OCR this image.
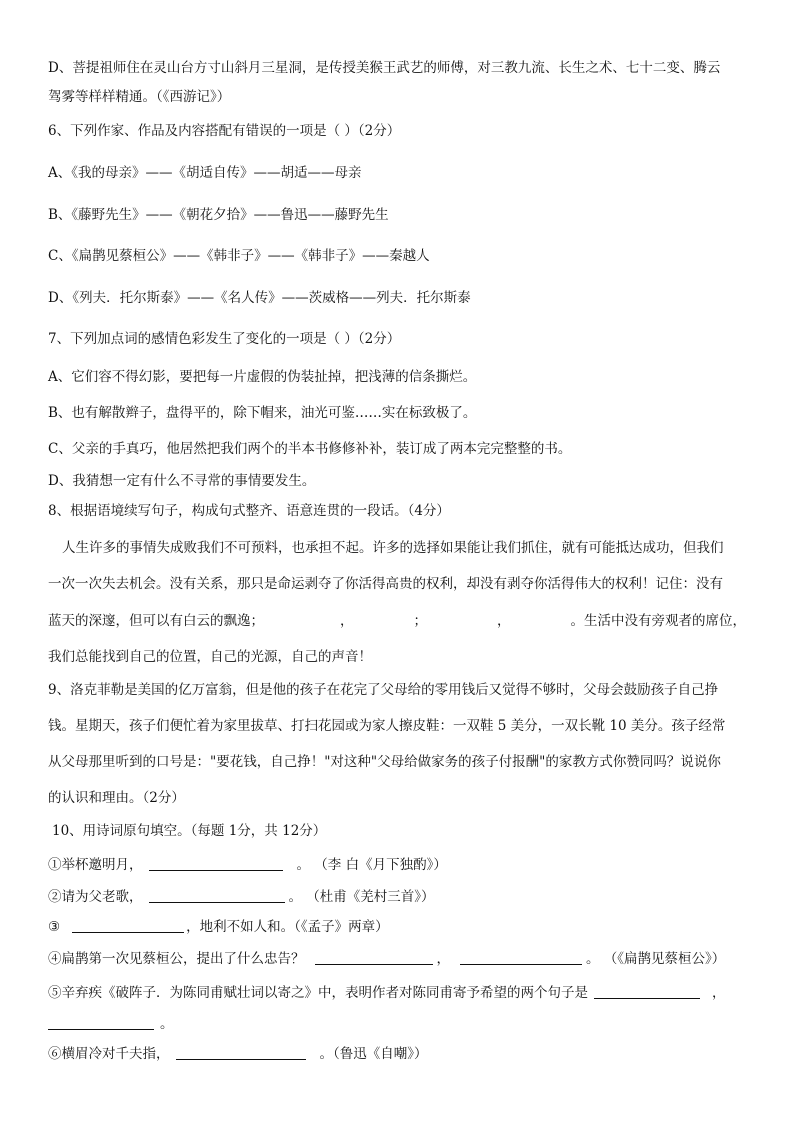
D、菩提祖师住在灵山台方寸山斜月三星洞，是传授美猴王武艺的师傅，对三教九流、长生之术、七十二变、腾云
驾雾等样样精通。（《西游记》）
6、下列作家、作品及内容搭配有错误的一项是（ ）（2分）
A、《我的母亲》——《胡适自传》——胡适——母亲
B、《藤野先生》——《朝花夕拾》——鲁迅——藤野先生
C、《扁鹊见蔡桓公》——《韩非子》——《韩非子》——秦越人
D、《列夫．托尔斯泰》——《名人传》——茨威格——列夫．托尔斯泰
7、下列加点词的感情色彩发生了变化的一项是（ ）（2分）
A、它们容不得幻影，要把每一片虚假的伪装扯掉，把浅薄的信条撕烂。
B、也有解散辫子，盘得平的，除下帽来，油光可鉴……实在标致极了。
C、父亲的手真巧，他居然把我们两个的半本书修修补补，装订成了两本完完整整的书。
D、我猜想一定有什么不寻常的事情要发生。
8、根据语境续写句子，构成句式整齐、语意连贯的一段话。（4分）
人生许多的事情失成败我们不可预料，也承担不起。许多的选择如果能让我们抓住，就有可能抵达成功，但我们
一次一次失去机会。没有关系，那只是命运剥夺了你活得高贵的权利，却没有剥夺你活得伟大的权利！记住：没有
蓝天的深邃，但可以有白云的飘逸；	，	；	，	。生活中没有旁观者的席位，
我们总能找到自己的位置，自己的光源，自己的声音！
9、洛克菲勒是美国的亿万富翁，但是他的孩子在花完了父母给的零用钱后又觉得不够时，父母会鼓励孩子自己挣
钱。星期天，孩子们便忙着为家里拔草、打扫花园或为家人擦皮鞋：一双鞋 5 美分，一双长靴 10 美分。孩子经常
从父母那里听到的口号是："要花钱，自己挣！"对这种"父母给做家务的孩子付报酬"的家教方式你赞同吗？说说你
的认识和理由。（2分）
10、用诗词原句填空。（每题 1分，共 12分）
①举杯邀明月，	。 （李 白《月下独酌》）
②请为父老歌，	。 （杜甫《羌村三首》）
③	，地利不如人和。（《孟子》两章）
④扁鹊第一次见蔡桓公，提出了什么忠告？	，	。 （《扁鹊见蔡桓公》）
⑤辛弃疾《破阵子．为陈同甫赋壮词以寄之》中，表明作者对陈同甫寄予希望的两个句子是	，
。
⑥横眉冷对千夫指，	。（鲁迅《自嘲》）
